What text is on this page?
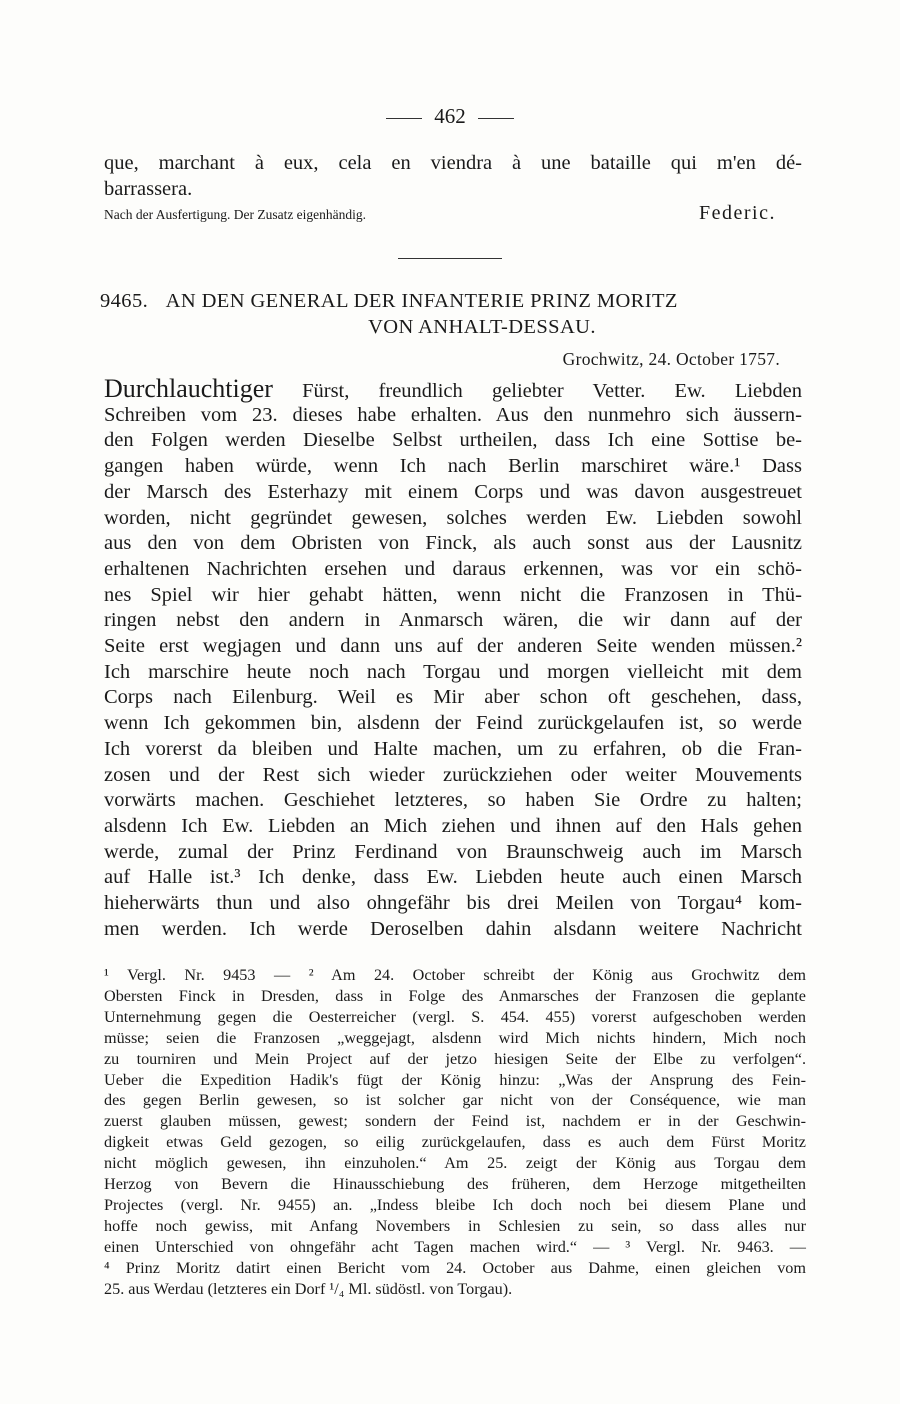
462
que, marchant à eux, cela en viendra à une bataille qui m'en dé-
barrassera.
Nach der Ausfertigung. Der Zusatz eigenhändig.	Federic.
9465. AN DEN GENERAL DER INFANTERIE PRINZ MORITZ
VON ANHALT-DESSAU.
Grochwitz, 24. October 1757.
Durchlauchtiger Fürst, freundlich geliebter Vetter. Ew. Liebden
Schreiben vom 23. dieses habe erhalten. Aus den nunmehro sich äussern-
den Folgen werden Dieselbe Selbst urtheilen, dass Ich eine Sottise be-
gangen haben würde, wenn Ich nach Berlin marschiret wäre.¹ Dass
der Marsch des Esterhazy mit einem Corps und was davon ausgestreuet
worden, nicht gegründet gewesen, solches werden Ew. Liebden sowohl
aus den von dem Obristen von Finck, als auch sonst aus der Lausnitz
erhaltenen Nachrichten ersehen und daraus erkennen, was vor ein schö-
nes Spiel wir hier gehabt hätten, wenn nicht die Franzosen in Thü-
ringen nebst den andern in Anmarsch wären, die wir dann auf der
Seite erst wegjagen und dann uns auf der anderen Seite wenden müssen.²
Ich marschire heute noch nach Torgau und morgen vielleicht mit dem
Corps nach Eilenburg. Weil es Mir aber schon oft geschehen, dass,
wenn Ich gekommen bin, alsdenn der Feind zurückgelaufen ist, so werde
Ich vorerst da bleiben und Halte machen, um zu erfahren, ob die Fran-
zosen und der Rest sich wieder zurückziehen oder weiter Mouvements
vorwärts machen. Geschiehet letzteres, so haben Sie Ordre zu halten;
alsdenn Ich Ew. Liebden an Mich ziehen und ihnen auf den Hals gehen
werde, zumal der Prinz Ferdinand von Braunschweig auch im Marsch
auf Halle ist.³ Ich denke, dass Ew. Liebden heute auch einen Marsch
hieherwärts thun und also ohngefähr bis drei Meilen von Torgau⁴ kom-
men werden. Ich werde Deroselben dahin alsdann weitere Nachricht
¹ Vergl. Nr. 9453 — ² Am 24. October schreibt der König aus Grochwitz dem
Obersten Finck in Dresden, dass in Folge des Anmarsches der Franzosen die geplante
Unternehmung gegen die Oesterreicher (vergl. S. 454. 455) vorerst aufgeschoben werden
müsse; seien die Franzosen „weggejagt, alsdenn wird Mich nichts hindern, Mich noch
zu tourniren und Mein Project auf der jetzo hiesigen Seite der Elbe zu verfolgen“.
Ueber die Expedition Hadik's fügt der König hinzu: „Was der Ansprung des Fein-
des gegen Berlin gewesen, so ist solcher gar nicht von der Conséquence, wie man
zuerst glauben müssen, gewest; sondern der Feind ist, nachdem er in der Geschwin-
digkeit etwas Geld gezogen, so eilig zurückgelaufen, dass es auch dem Fürst Moritz
nicht möglich gewesen, ihn einzuholen.“ Am 25. zeigt der König aus Torgau dem
Herzog von Bevern die Hinausschiebung des früheren, dem Herzoge mitgetheilten
Projectes (vergl. Nr. 9455) an. „Indess bleibe Ich doch noch bei diesem Plane und
hoffe noch gewiss, mit Anfang Novembers in Schlesien zu sein, so dass alles nur
einen Unterschied von ohngefähr acht Tagen machen wird.“ — ³ Vergl. Nr. 9463. —
⁴ Prinz Moritz datirt einen Bericht vom 24. October aus Dahme, einen gleichen vom
25. aus Werdau (letzteres ein Dorf ¹/₄ Ml. südöstl. von Torgau).
